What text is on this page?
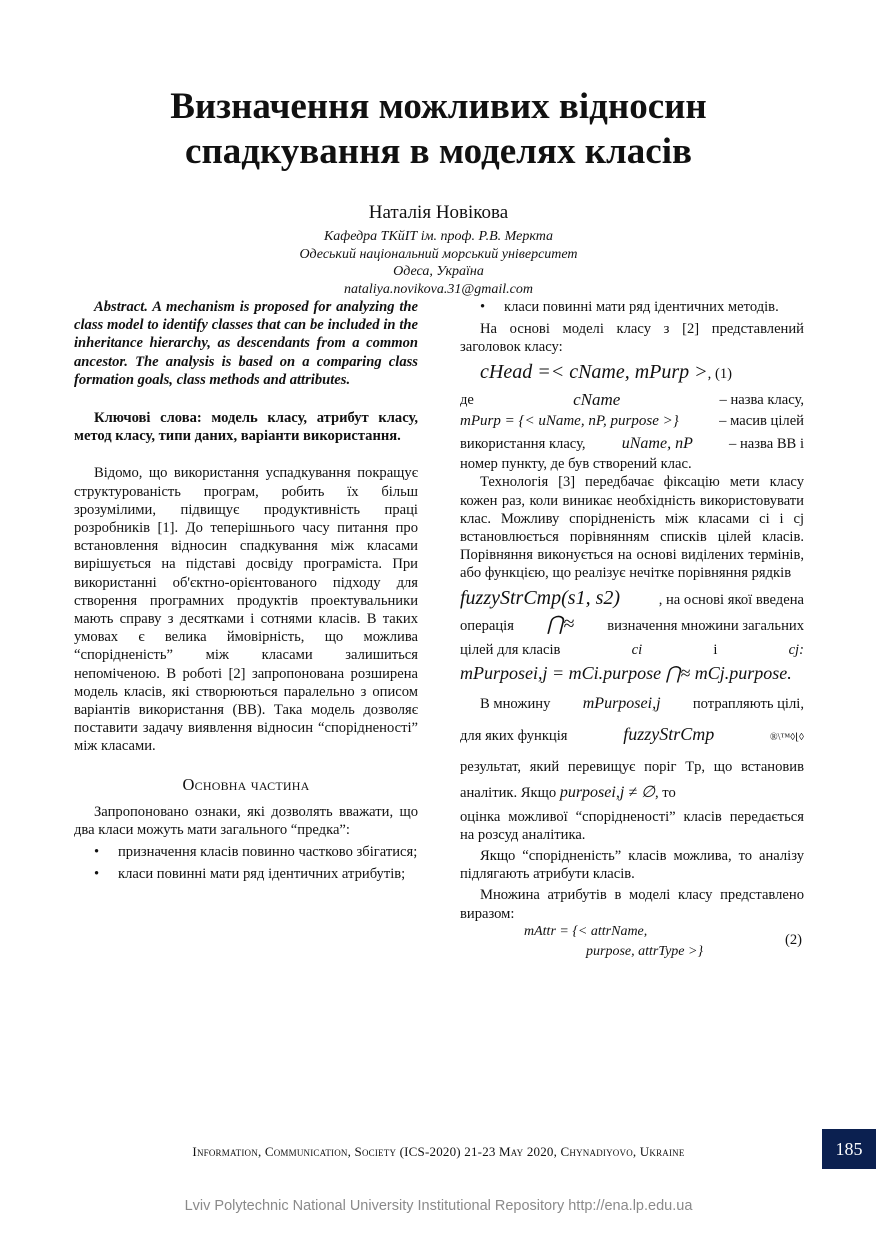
Визначення можливих відносин
спадкування в моделях класів
Наталія Новікова
Кафедра ТКйІТ ім. проф. Р.В. Меркта
Одеський національний морський університет
Одеса, Україна
nataliya.novikova.31@gmail.com

Abstract. A mechanism is proposed for analyzing the class model to identify classes that can be included in the inheritance hierarchy, as descendants from a common ancestor. The analysis is based on a comparing class formation goals, class methods and attributes.

Ключові слова: модель класу, атрибут класу, метод класу, типи даних, варіанти використання.

Відомо, що використання успадкування покращує структурованість програм, робить їх більш зрозумілими, підвищує продуктивність праці розробників [1]. До теперішнього часу питання про встановлення відносин спадкування між класами вирішується на підставі досвіду програміста. При використанні об'єктно-орієнтованого підходу для створення програмних продуктів проектувальники мають справу з десятками і сотнями класів. В таких умовах є велика ймовірність, що можлива “спорідненість” між класами залишиться непоміченою. В роботі [2] запропонована розширена модель класів, які створюються паралельно з описом варіантів використання (ВВ). Така модель дозволяє поставити задачу виявлення відносин “спорідненості” між класами.

Основна частина

Запропоновано ознаки, які дозволять вважати, що два класи можуть мати загального “предка”:

• призначення класів повинно частково збігатися;

• класи повинні мати ряд ідентичних атрибутів;

• класи повинні мати ряд ідентичних методів.

На основі моделі класу з [2] представлений заголовок класу:

cHead =< cName, mPurp >, (1)

де	cName	– назва класу,

mPurp = {< uName, nP, purpose >}	– масив цілей

використання класу, uName, nP – назва ВВ і

номер пункту, де був створений клас.

Технологія [3] передбачає фіксацію мети класу кожен раз, коли виникає необхідність використовувати клас. Можливу спорідненість між класами ci і cj встановлюється порівнянням списків цілей класів. Порівняння виконується на основі виділених термінів, або функцією, що реалізує нечітке порівняння рядків

fuzzyStrCmp(s1, s2)	, на основі якої введена

операція ⋂≈ визначення множини загальних

цілей для класів	ci	і	cj:

mPurposei,j = mCi.purpose ⋂≈ mCj.purpose.

В множину mPurposei,j потрапляють цілі,

для яких функція	fuzzyStrCmp	®\™◊⌊◊

результат, який перевищує поріг Tp, що встановив аналітик. Якщо purposei,j ≠ ∅, то

оцінка можливої “спорідненості” класів передається на розсуд аналітика.

Якщо “спорідненість” класів можлива, то аналізу підлягають атрибути класів.

Множина атрибутів в моделі класу представлено виразом:

mAttr = {< attrName,
purpose, attrType >}
(2)
Information, Communication, Society (ICS-2020) 21-23 May 2020, Chynadiyovo, Ukraine	185
Lviv Polytechnic National University Institutional Repository http://ena.lp.edu.ua
